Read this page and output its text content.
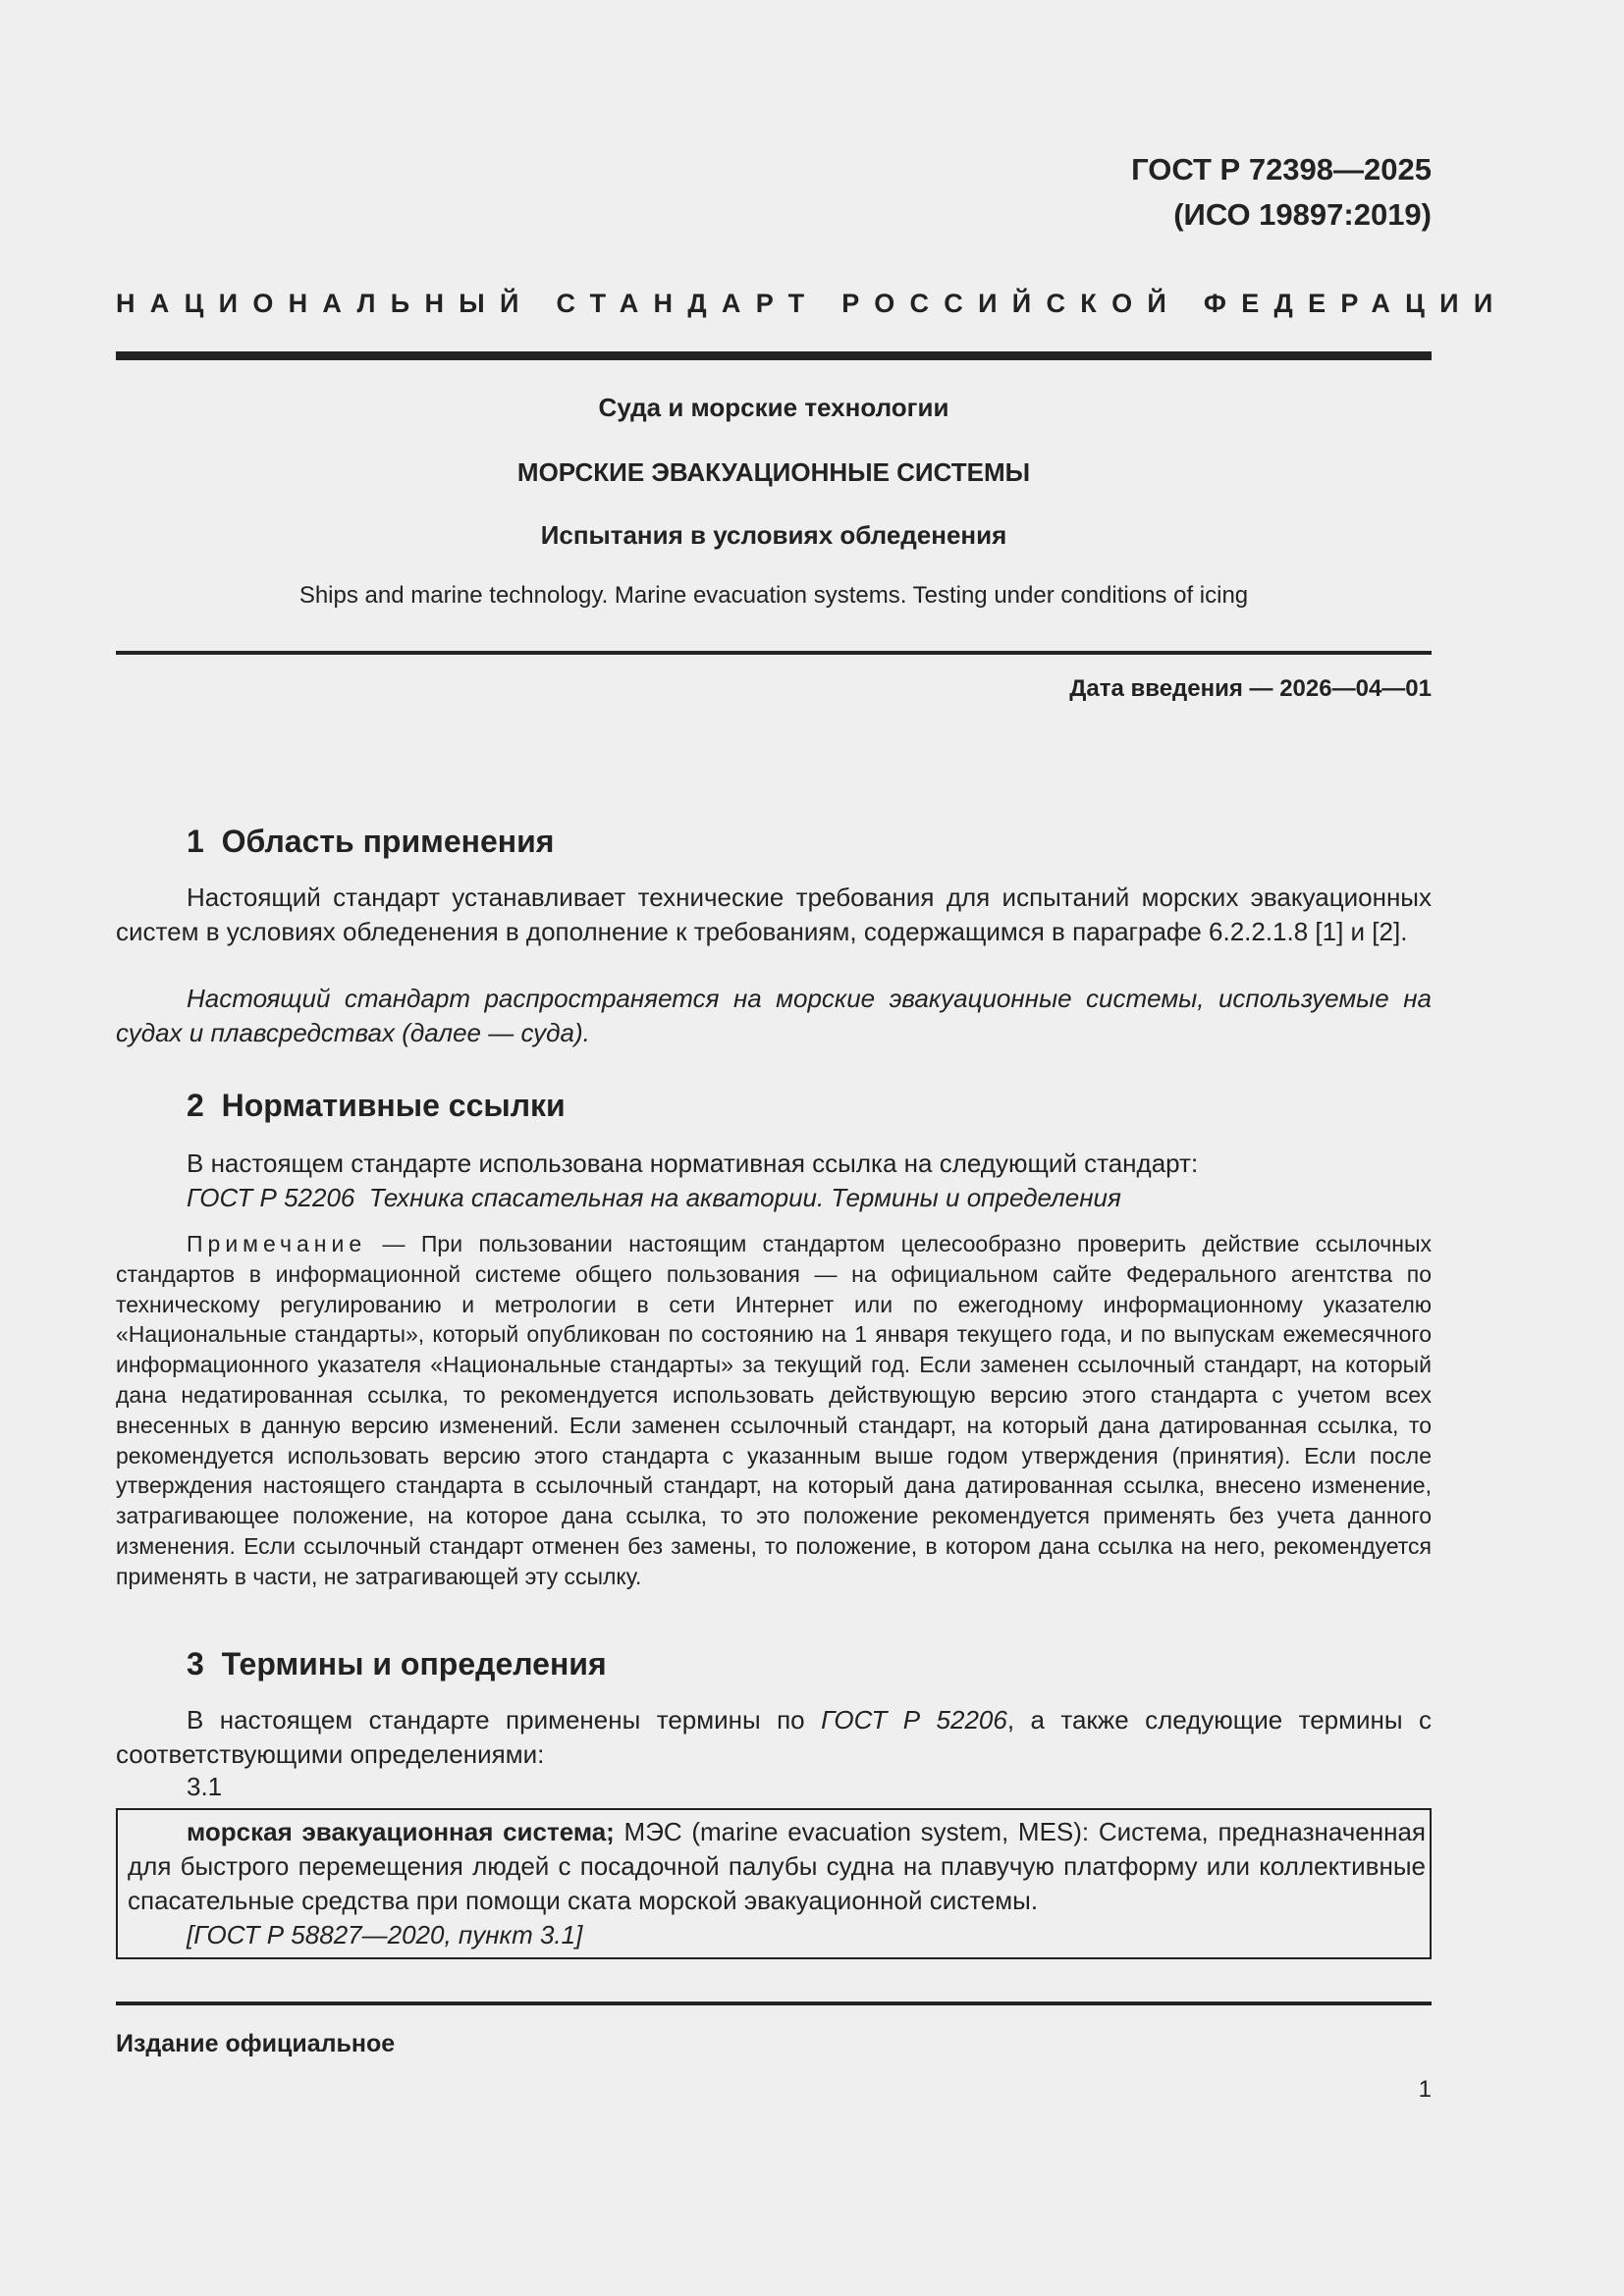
ГОСТ Р 72398—2025
(ИСО 19897:2019)
НАЦИОНАЛЬНЫЙ СТАНДАРТ РОССИЙСКОЙ ФЕДЕРАЦИИ
Суда и морские технологии
МОРСКИЕ ЭВАКУАЦИОННЫЕ СИСТЕМЫ
Испытания в условиях обледенения
Ships and marine technology. Marine evacuation systems. Testing under conditions of icing
Дата введения — 2026—04—01
1  Область применения
Настоящий стандарт устанавливает технические требования для испытаний морских эвакуационных систем в условиях обледенения в дополнение к требованиям, содержащимся в параграфе 6.2.2.1.8 [1] и [2].
Настоящий стандарт распространяется на морские эвакуационные системы, используемые на судах и плавсредствах (далее — суда).
2  Нормативные ссылки
В настоящем стандарте использована нормативная ссылка на следующий стандарт:
ГОСТ Р 52206  Техника спасательная на акватории. Термины и определения
Примечание — При пользовании настоящим стандартом целесообразно проверить действие ссылочных стандартов в информационной системе общего пользования — на официальном сайте Федерального агентства по техническому регулированию и метрологии в сети Интернет или по ежегодному информационному указателю «Национальные стандарты», который опубликован по состоянию на 1 января текущего года, и по выпускам ежемесячного информационного указателя «Национальные стандарты» за текущий год. Если заменен ссылочный стандарт, на который дана недатированная ссылка, то рекомендуется использовать действующую версию этого стандарта с учетом всех внесенных в данную версию изменений. Если заменен ссылочный стандарт, на который дана датированная ссылка, то рекомендуется использовать версию этого стандарта с указанным выше годом утверждения (принятия). Если после утверждения настоящего стандарта в ссылочный стандарт, на который дана датированная ссылка, внесено изменение, затрагивающее положение, на которое дана ссылка, то это положение рекомендуется применять без учета данного изменения. Если ссылочный стандарт отменен без замены, то положение, в котором дана ссылка на него, рекомендуется применять в части, не затрагивающей эту ссылку.
3  Термины и определения
В настоящем стандарте применены термины по ГОСТ Р 52206, а также следующие термины с соответствующими определениями:
3.1
морская эвакуационная система; МЭС (marine evacuation system, MES): Система, предназначенная для быстрого перемещения людей с посадочной палубы судна на плавучую платформу или коллективные спасательные средства при помощи ската морской эвакуационной системы.
[ГОСТ Р 58827—2020, пункт 3.1]
Издание официальное
1
